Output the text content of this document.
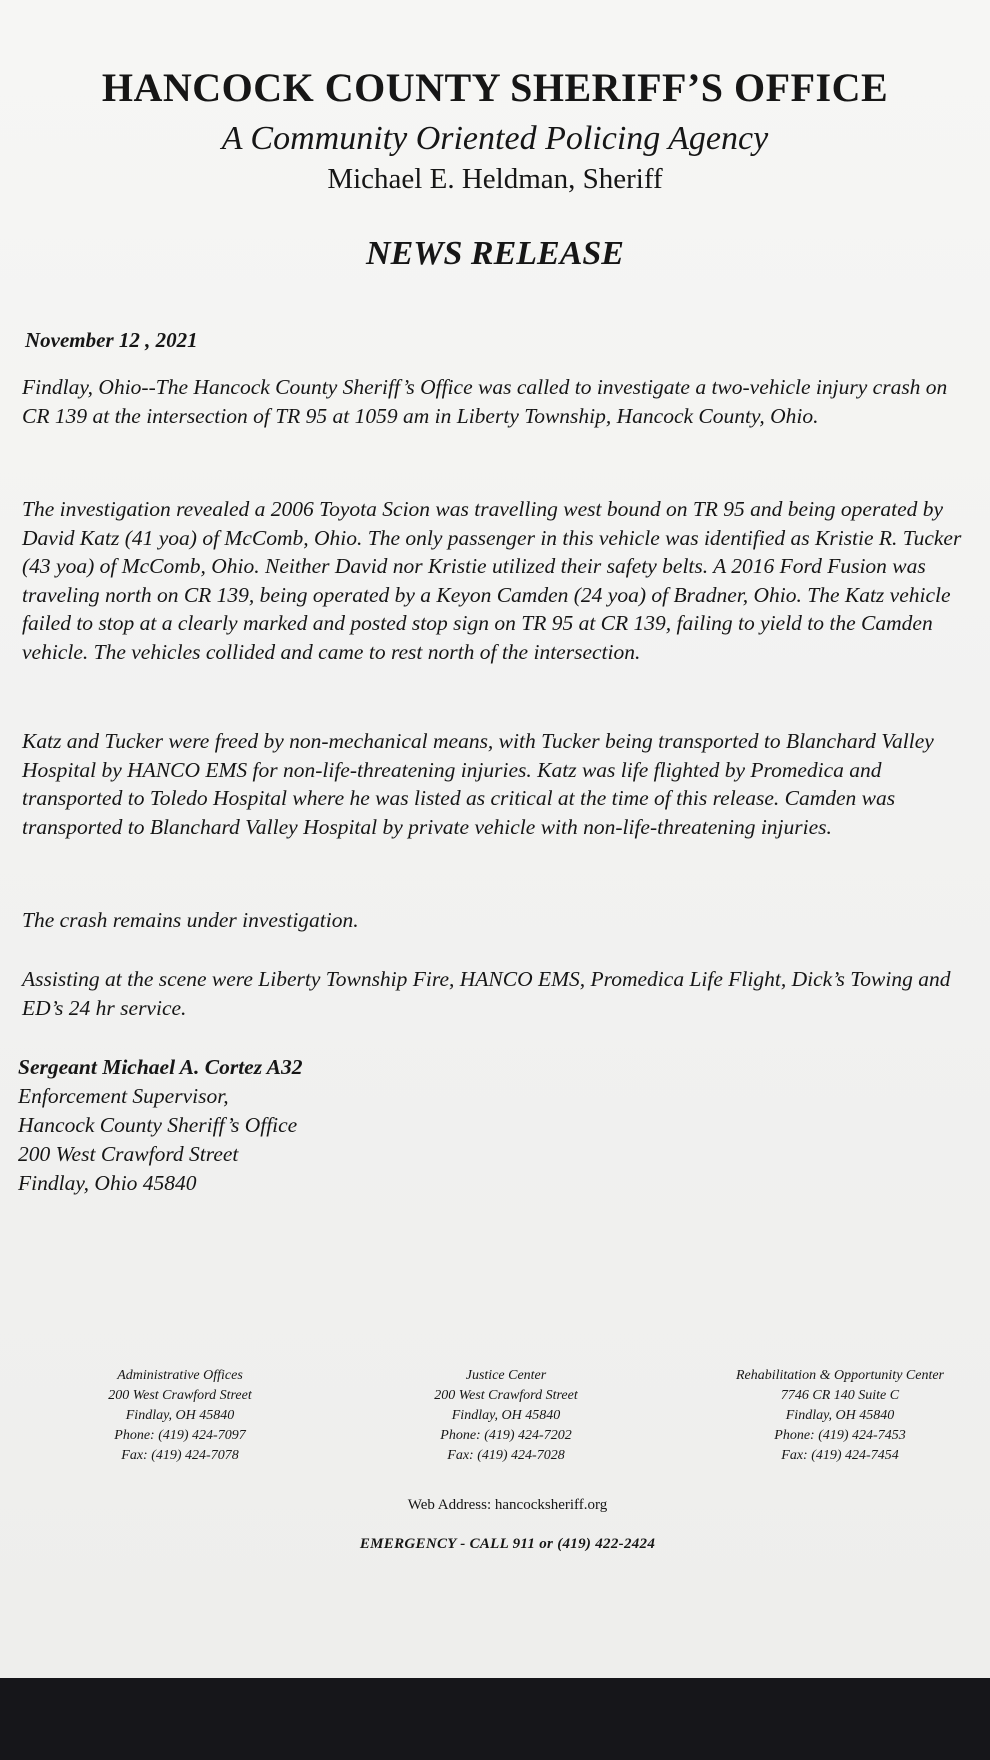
HANCOCK COUNTY SHERIFF’S OFFICE
A Community Oriented Policing Agency
Michael E. Heldman, Sheriff
NEWS RELEASE
November 12 , 2021

Findlay, Ohio--The Hancock County Sheriff’s Office was called to investigate a two-vehicle injury crash on CR 139 at the intersection of TR 95 at 1059 am in Liberty Township, Hancock County, Ohio.

The investigation revealed a 2006 Toyota Scion was travelling west bound on TR 95 and being operated by David Katz (41 yoa) of McComb, Ohio. The only passenger in this vehicle was identified as Kristie R. Tucker (43 yoa) of McComb, Ohio. Neither David nor Kristie utilized their safety belts. A 2016 Ford Fusion was traveling north on CR 139, being operated by a Keyon Camden (24 yoa) of Bradner, Ohio. The Katz vehicle failed to stop at a clearly marked and posted stop sign on TR 95 at CR 139, failing to yield to the Camden vehicle. The vehicles collided and came to rest north of the intersection.

Katz and Tucker were freed by non-mechanical means, with Tucker being transported to Blanchard Valley Hospital by HANCO EMS for non-life-threatening injuries. Katz was life flighted by Promedica and transported to Toledo Hospital where he was listed as critical at the time of this release. Camden was transported to Blanchard Valley Hospital by private vehicle with non-life-threatening injuries.

The crash remains under investigation.

Assisting at the scene were Liberty Township Fire, HANCO EMS, Promedica Life Flight, Dick’s Towing and ED’s 24 hr service.

Sergeant Michael A. Cortez A32
Enforcement Supervisor,
Hancock County Sheriff’s Office
200 West Crawford Street
Findlay, Ohio 45840
Administrative Offices
200 West Crawford Street
Findlay, OH 45840
Phone: (419) 424-7097
Fax: (419) 424-7078
Justice Center
200 West Crawford Street
Findlay, OH 45840
Phone: (419) 424-7202
Fax: (419) 424-7028
Rehabilitation & Opportunity Center
7746 CR 140 Suite C
Findlay, OH 45840
Phone: (419) 424-7453
Fax: (419) 424-7454
Web Address: hancocksheriff.org
EMERGENCY - CALL 911 or (419) 422-2424
